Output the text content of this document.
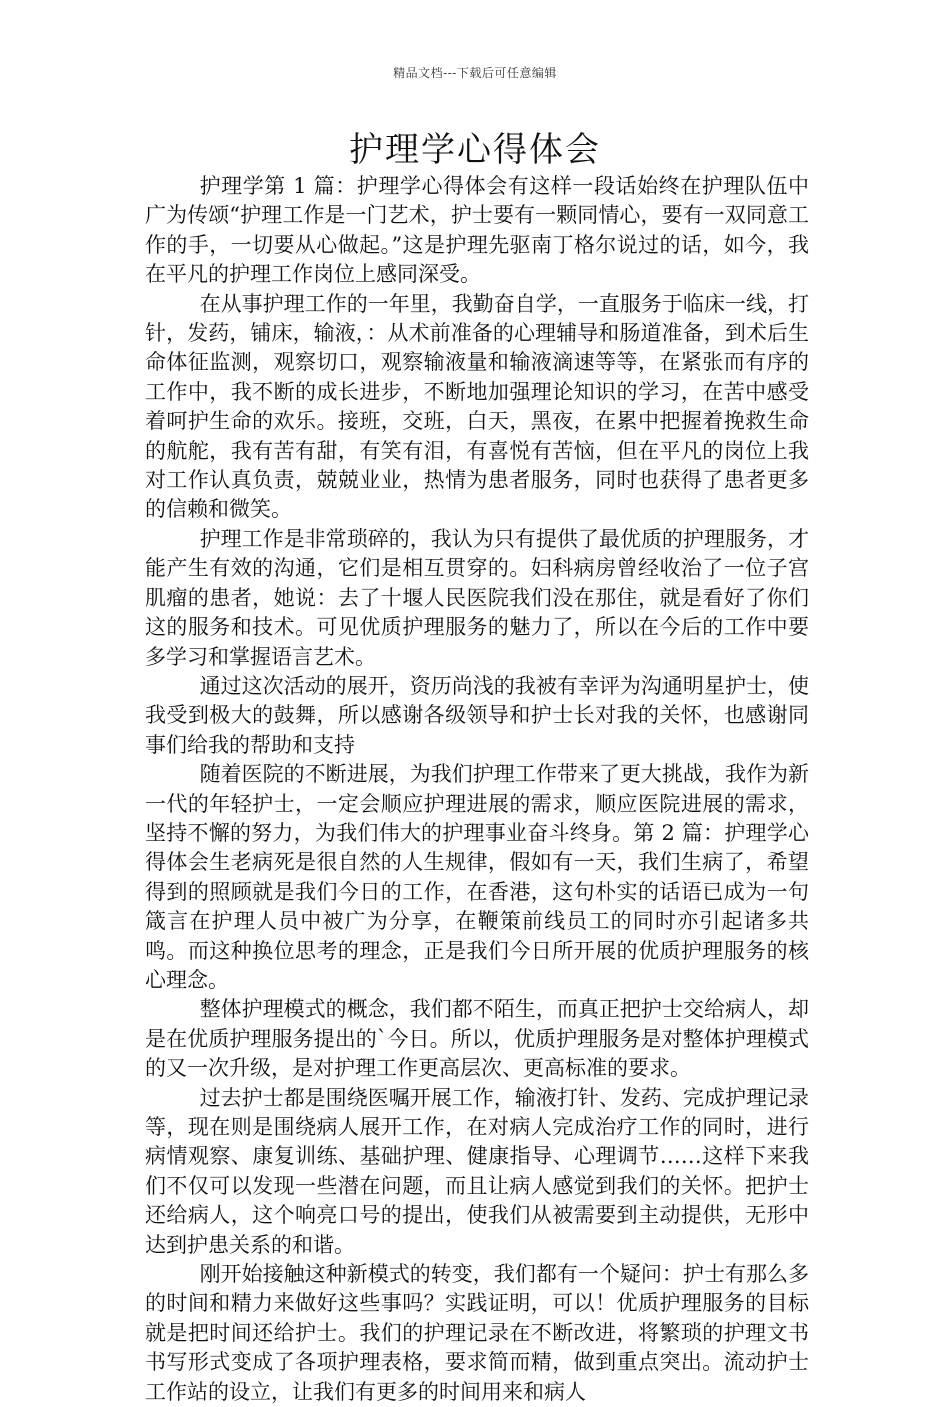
精品文档---下载后可任意编辑
护理学心得体会

护理学第 1 篇：护理学心得体会有这样一段话始终在护理队伍中广为传颂“护理工作是一门艺术，护士要有一颗同情心，要有一双同意工作的手，一切要从心做起。”这是护理先驱南丁格尔说过的话，如今，我在平凡的护理工作岗位上感同深受。

在从事护理工作的一年里，我勤奋自学，一直服务于临床一线，打针，发药，铺床，输液，：从术前准备的心理辅导和肠道准备，到术后生命体征监测，观察切口，观察输液量和输液滴速等等，在紧张而有序的工作中，我不断的成长进步，不断地加强理论知识的学习，在苦中感受着呵护生命的欢乐。接班，交班，白天，黑夜，在累中把握着挽救生命的航舵，我有苦有甜，有笑有泪，有喜悦有苦恼，但在平凡的岗位上我对工作认真负责，兢兢业业，热情为患者服务，同时也获得了患者更多的信赖和微笑。

护理工作是非常琐碎的，我认为只有提供了最优质的护理服务，才能产生有效的沟通，它们是相互贯穿的。妇科病房曾经收治了一位子宫肌瘤的患者，她说：去了十堰人民医院我们没在那住，就是看好了你们这的服务和技术。可见优质护理服务的魅力了，所以在今后的工作中要多学习和掌握语言艺术。

通过这次活动的展开，资历尚浅的我被有幸评为沟通明星护士，使我受到极大的鼓舞，所以感谢各级领导和护士长对我的关怀，也感谢同事们给我的帮助和支持

随着医院的不断进展，为我们护理工作带来了更大挑战，我作为新一代的年轻护士，一定会顺应护理进展的需求，顺应医院进展的需求，坚持不懈的努力，为我们伟大的护理事业奋斗终身。第 2 篇：护理学心得体会生老病死是很自然的人生规律，假如有一天，我们生病了，希望得到的照顾就是我们今日的工作，在香港，这句朴实的话语已成为一句箴言在护理人员中被广为分享，在鞭策前线员工的同时亦引起诸多共鸣。而这种换位思考的理念，正是我们今日所开展的优质护理服务的核心理念。

整体护理模式的概念，我们都不陌生，而真正把护士交给病人，却是在优质护理服务提出的`今日。所以，优质护理服务是对整体护理模式的又一次升级，是对护理工作更高层次、更高标准的要求。

过去护士都是围绕医嘱开展工作，输液打针、发药、完成护理记录等，现在则是围绕病人展开工作，在对病人完成治疗工作的同时，进行病情观察、康复训练、基础护理、健康指导、心理调节……这样下来我们不仅可以发现一些潜在问题，而且让病人感觉到我们的关怀。把护士还给病人，这个响亮口号的提出，使我们从被需要到主动提供，无形中达到护患关系的和谐。

刚开始接触这种新模式的转变，我们都有一个疑问：护士有那么多的时间和精力来做好这些事吗？实践证明，可以！优质护理服务的目标就是把时间还给护士。我们的护理记录在不断改进，将繁琐的护理文书书写形式变成了各项护理表格，要求简而精，做到重点突出。流动护士工作站的设立，让我们有更多的时间用来和病人
